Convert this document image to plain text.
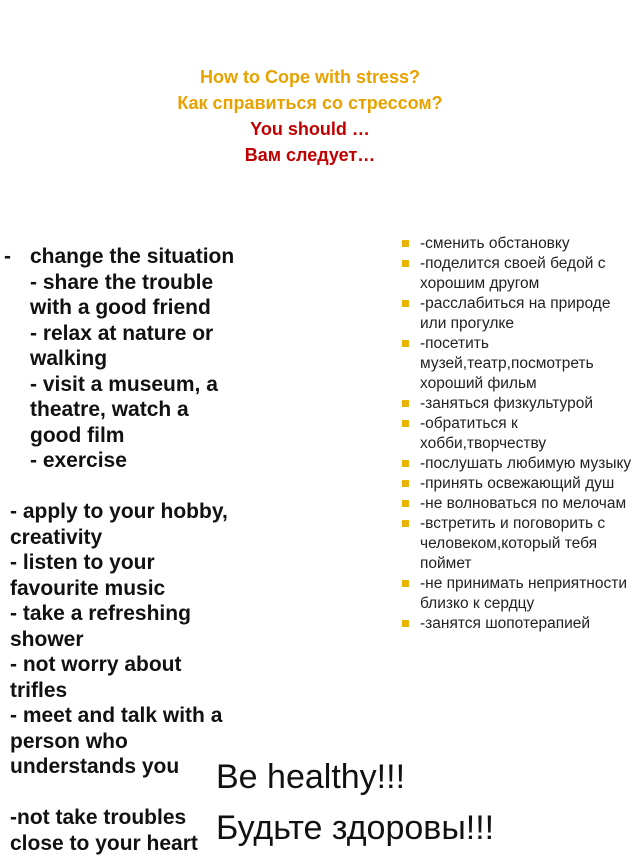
How to Cope with stress?
Как справиться со стрессом?
You should …
Вам следует…
- change the situation
- share the trouble
with a good friend
- relax at nature or
walking
- visit a museum, a
theatre, watch a
good film
- exercise
- apply to your hobby,
creativity
- listen to your
favourite music
- take a refreshing
shower
- not worry about
trifles
- meet and talk with a
person who
understands you
-not take troubles
close to your heart
-сменить обстановку
-поделится своей бедой с хорошим другом
-расслабиться на природе или прогулке
-посетить музей,театр,посмотреть хороший фильм
-заняться физкультурой
-обратиться к хобби,творчеству
-послушать любимую музыку
-принять освежающий душ
-не волноваться по мелочам
-встретить и поговорить с человеком,который тебя поймет
-не принимать неприятности близко к сердцу
-занятся шопотерапией
Be healthy!!!
Будьте здоровы!!!
